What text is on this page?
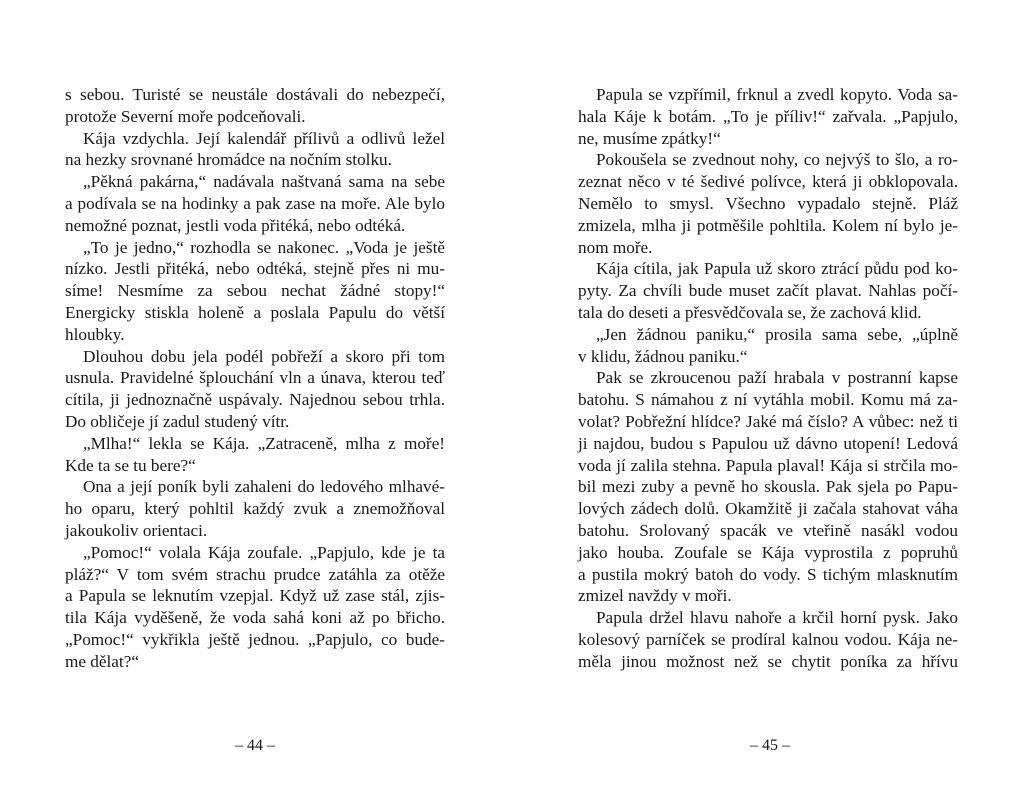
s sebou. Turisté se neustále dostávali do nebezpečí,
protože Severní moře podceňovali.
Kája vzdychla. Její kalendář přílivů a odlivů ležel
na hezky srovnané hromádce na nočním stolku.
„Pěkná pakárna,“ nadávala naštvaná sama na sebe
a podívala se na hodinky a pak zase na moře. Ale bylo
nemožné poznat, jestli voda přitéká, nebo odtéká.
„To je jedno,“ rozhodla se nakonec. „Voda je ještě
nízko. Jestli přitéká, nebo odtéká, stejně přes ni mu-
síme! Nesmíme za sebou nechat žádné stopy!“
Energicky stiskla holeně a poslala Papulu do větší
hloubky.
Dlouhou dobu jela podél pobřeží a skoro při tom
usnula. Pravidelné šplouchání vln a únava, kterou teď
cítila, ji jednoznačně uspávaly. Najednou sebou trhla.
Do obličeje jí zadul studený vítr.
„Mlha!“ lekla se Kája. „Zatraceně, mlha z moře!
Kde ta se tu bere?“
Ona a její poník byli zahaleni do ledového mlhavé-
ho oparu, který pohltil každý zvuk a znemožňoval
jakoukoliv orientaci.
„Pomoc!“ volala Kája zoufale. „Papjulo, kde je ta
pláž?“ V tom svém strachu prudce zatáhla za otěže
a Papula se leknutím vzepjal. Když už zase stál, zjis-
tila Kája vyděšeně, že voda sahá koni až po břicho.
„Pomoc!“ vykřikla ještě jednou. „Papjulo, co bude-
me dělat?“
Papula se vzpřímil, frknul a zvedl kopyto. Voda sa-
hala Káje k botám. „To je příliv!“ zařvala. „Papjulo,
ne, musíme zpátky!“
Pokoušela se zvednout nohy, co nejvýš to šlo, a ro-
zeznat něco v té šedivé polívce, která ji obklopovala.
Nemělo to smysl. Všechno vypadalo stejně. Pláž
zmizela, mlha ji potměšile pohltila. Kolem ní bylo je-
nom moře.
Kája cítila, jak Papula už skoro ztrácí půdu pod ko-
pyty. Za chvíli bude muset začít plavat. Nahlas počí-
tala do deseti a přesvědčovala se, že zachová klid.
„Jen žádnou paniku,“ prosila sama sebe, „úplně
v klidu, žádnou paniku.“
Pak se zkroucenou paží hrabala v postranní kapse
batohu. S námahou z ní vytáhla mobil. Komu má za-
volat? Pobřežní hlídce? Jaké má číslo? A vůbec: než ti
ji najdou, budou s Papulou už dávno utopení! Ledová
voda jí zalila stehna. Papula plaval! Kája si strčila mo-
bil mezi zuby a pevně ho skousla. Pak sjela po Papu-
lových zádech dolů. Okamžitě ji začala stahovat váha
batohu. Srolovaný spacák ve vteřině nasákl vodou
jako houba. Zoufale se Kája vyprostila z popruhů
a pustila mokrý batoh do vody. S tichým mlasknutím
zmizel navždy v moři.
Papula držel hlavu nahoře a krčil horní pysk. Jako
kolesový parníček se prodíral kalnou vodou. Kája ne-
měla jinou možnost než se chytit poníka za hřívu
– 44 –	– 45 –
